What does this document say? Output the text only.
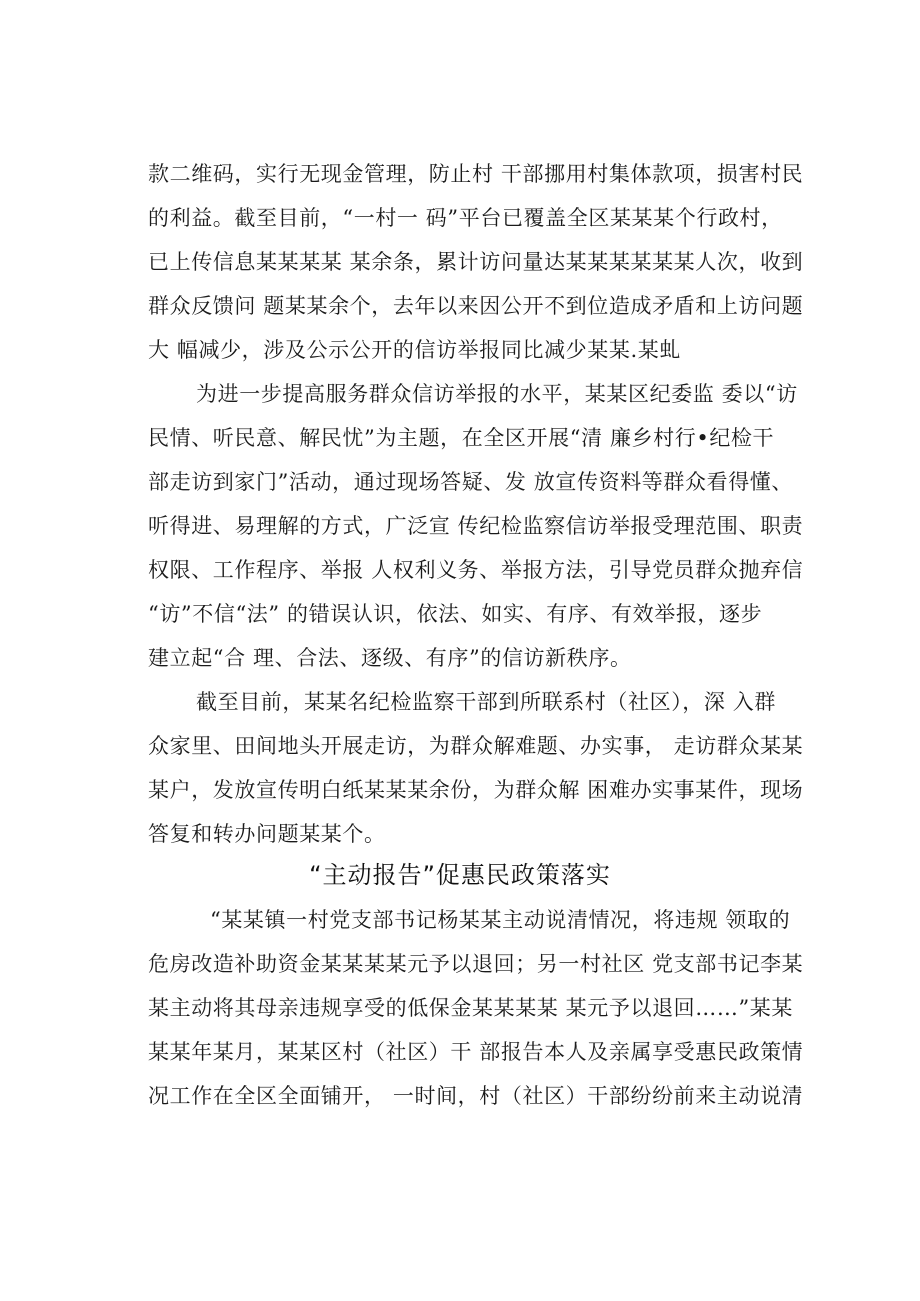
款二维码，实行无现金管理，防止村 干部挪用村集体款项，损害村民
的利益。截至目前，“一村一 码”平台已覆盖全区某某某个行政村，
已上传信息某某某某 某余条，累计访问量达某某某某某某人次，收到
群众反馈问 题某某余个，去年以来因公开不到位造成矛盾和上访问题
大 幅减少，涉及公示公开的信访举报同比减少某某.某虬
为进一步提高服务群众信访举报的水平，某某区纪委监 委以“访
民情、听民意、解民忧”为主题，在全区开展“清 廉乡村行•纪检干
部走访到家门”活动，通过现场答疑、发 放宣传资料等群众看得懂、
听得进、易理解的方式，广泛宣 传纪检监察信访举报受理范围、职责
权限、工作程序、举报 人权利义务、举报方法，引导党员群众抛弃信
“访”不信“法” 的错误认识，依法、如实、有序、有效举报，逐步
建立起“合 理、合法、逐级、有序”的信访新秩序。
截至目前，某某名纪检监察干部到所联系村（社区），深 入群
众家里、田间地头开展走访，为群众解难题、办实事， 走访群众某某
某户，发放宣传明白纸某某某余份，为群众解 困难办实事某件，现场
答复和转办问题某某个。
“主动报告”促惠民政策落实
“某某镇一村党支部书记杨某某主动说清情况，将违规 领取的
危房改造补助资金某某某某元予以退回；另一村社区 党支部书记李某
某主动将其母亲违规享受的低保金某某某某 某元予以退回……”某某
某某年某月，某某区村（社区）干 部报告本人及亲属享受惠民政策情
况工作在全区全面铺开， 一时间，村（社区）干部纷纷前来主动说清
